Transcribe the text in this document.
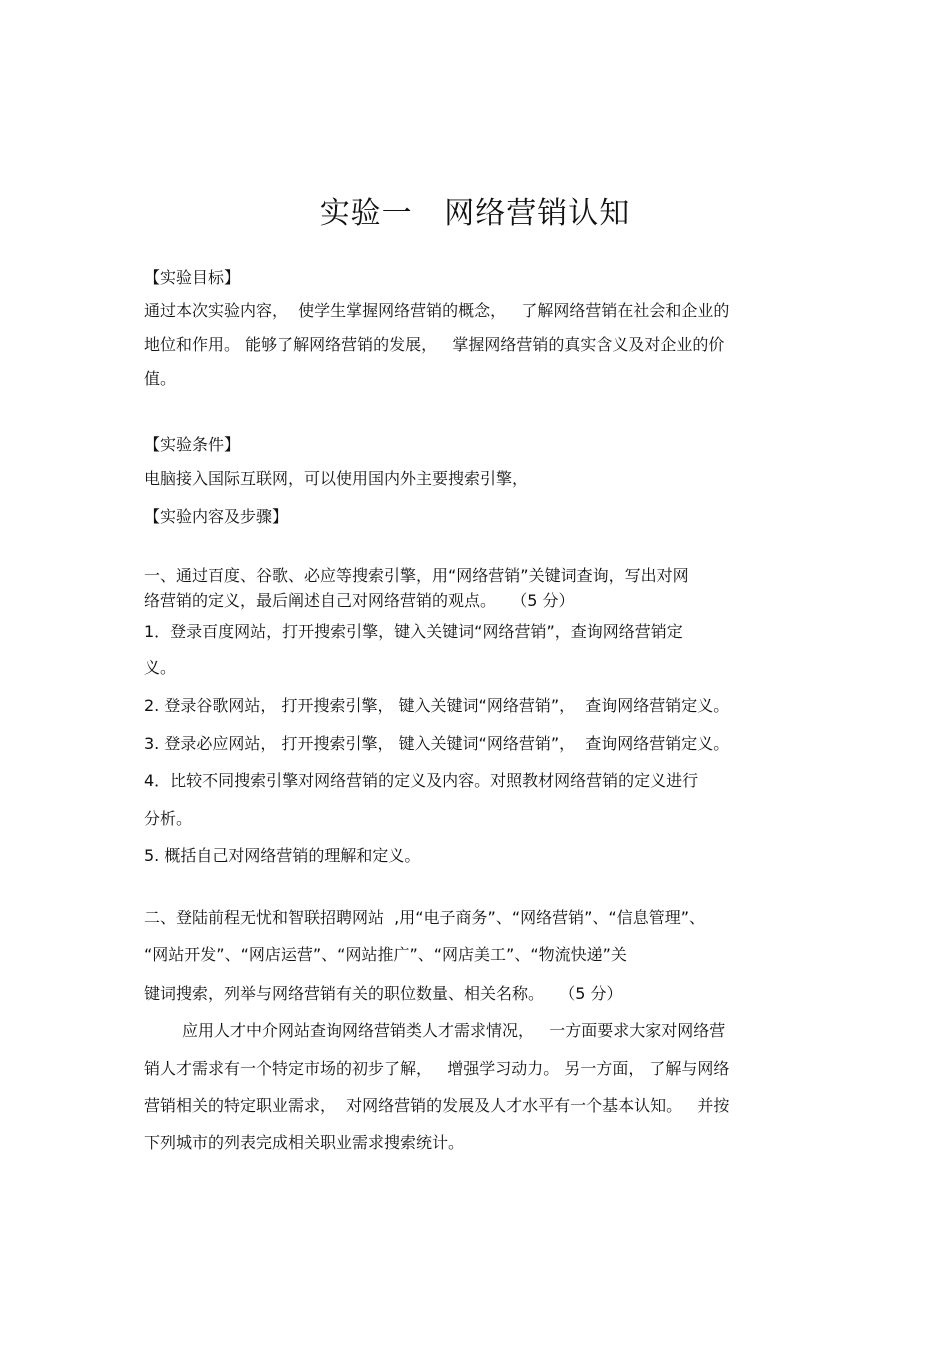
实验一   网络营销认知
【实验目标】
通过本次实验内容，  使学生掌握网络营销的概念，   了解网络营销在社会和企业的
地位和作用。 能够了解网络营销的发展，   掌握网络营销的真实含义及对企业的价
值。
【实验条件】
电脑接入国际互联网，可以使用国内外主要搜索引擎，
【实验内容及步骤】
一、通过百度、谷歌、必应等搜索引擎，用“网络营销”关键词查询，写出对网
络营销的定义，最后阐述自己对网络营销的观点。   （5 分）
1．登录百度网站，打开搜索引擎，键入关键词“网络营销”，查询网络营销定
义。
2. 登录谷歌网站， 打开搜索引擎， 键入关键词“网络营销”，  查询网络营销定义。
3. 登录必应网站， 打开搜索引擎， 键入关键词“网络营销”，  查询网络营销定义。
4．比较不同搜索引擎对网络营销的定义及内容。对照教材网络营销的定义进行
分析。
5. 概括自己对网络营销的理解和定义。
二、登陆前程无忧和智联招聘网站  ,用“电子商务”、“网络营销”、“信息管理”、
“网站开发”、“网店运营”、“网站推广”、“网店美工”、“物流快递”关
键词搜索，列举与网络营销有关的职位数量、相关名称。   （5 分）
应用人才中介网站查询网络营销类人才需求情况，   一方面要求大家对网络营
销人才需求有一个特定市场的初步了解，   增强学习动力。 另一方面， 了解与网络
营销相关的特定职业需求，  对网络营销的发展及人才水平有一个基本认知。   并按
下列城市的列表完成相关职业需求搜索统计。
